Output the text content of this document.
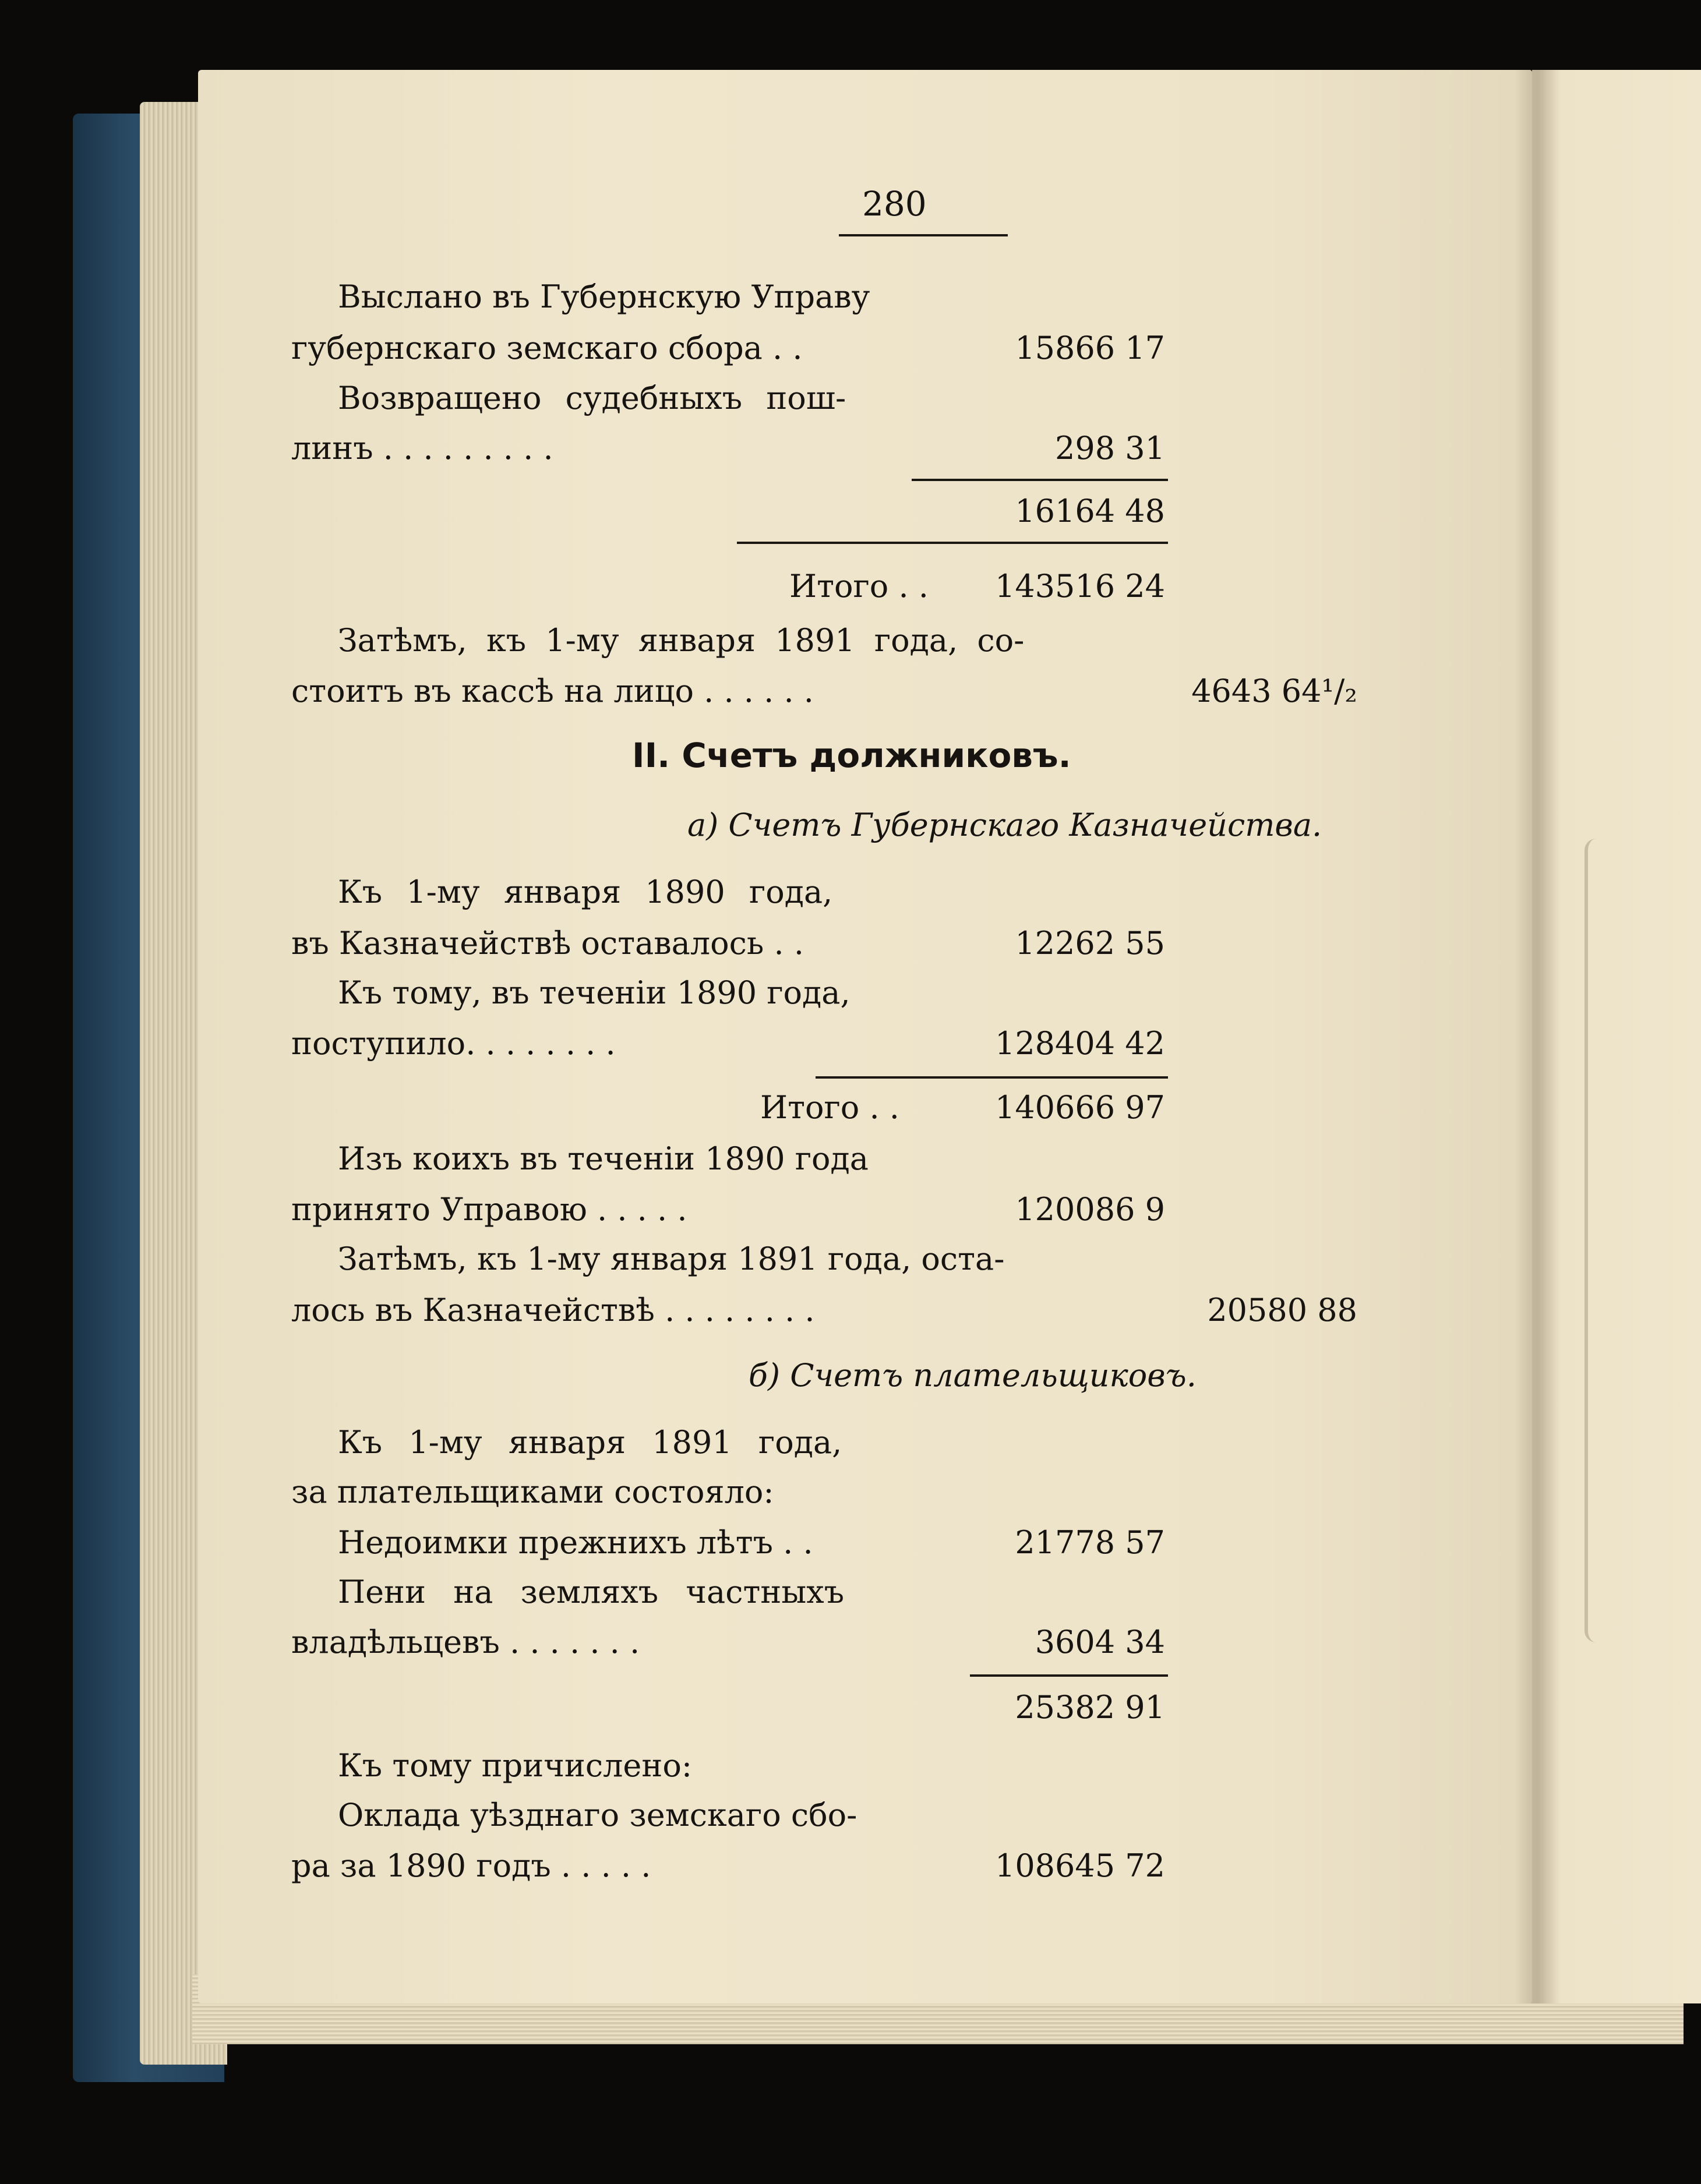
280
Выслано въ Губернскую Управу
губернскаго земскаго сбора . .	15866 17
Возвращено судебныхъ пош-
линъ . . . . . . . . .	298 31
16164 48
Итого . .	143516 24
Затѣмъ, къ 1-му января 1891 года, со-
стоитъ въ кассѣ на лицо . . . . . .	4643 64¹/₂
II. Счетъ должниковъ.
а) Счетъ Губернскаго Казначейства.
Къ 1-му января 1890 года,
въ Казначействѣ оставалось . .	12262 55
Къ тому, въ теченіи 1890 года,
поступило. . . . . . . .	128404 42
Итого . .	140666 97
Изъ коихъ въ теченіи 1890 года
принято Управою . . . . .	120086 9
Затѣмъ, къ 1-му января 1891 года, оста-
лось въ Казначействѣ . . . . . . . .	20580 88
б) Счетъ плательщиковъ.
Къ 1-му января 1891 года,
за плательщиками состояло:
Недоимки прежнихъ лѣтъ . .	21778 57
Пени на земляхъ частныхъ
владѣльцевъ . . . . . . .	3604 34
25382 91
Къ тому причислено:
Оклада уѣзднаго земскаго сбо-
ра за 1890 годъ . . . . .	108645 72
